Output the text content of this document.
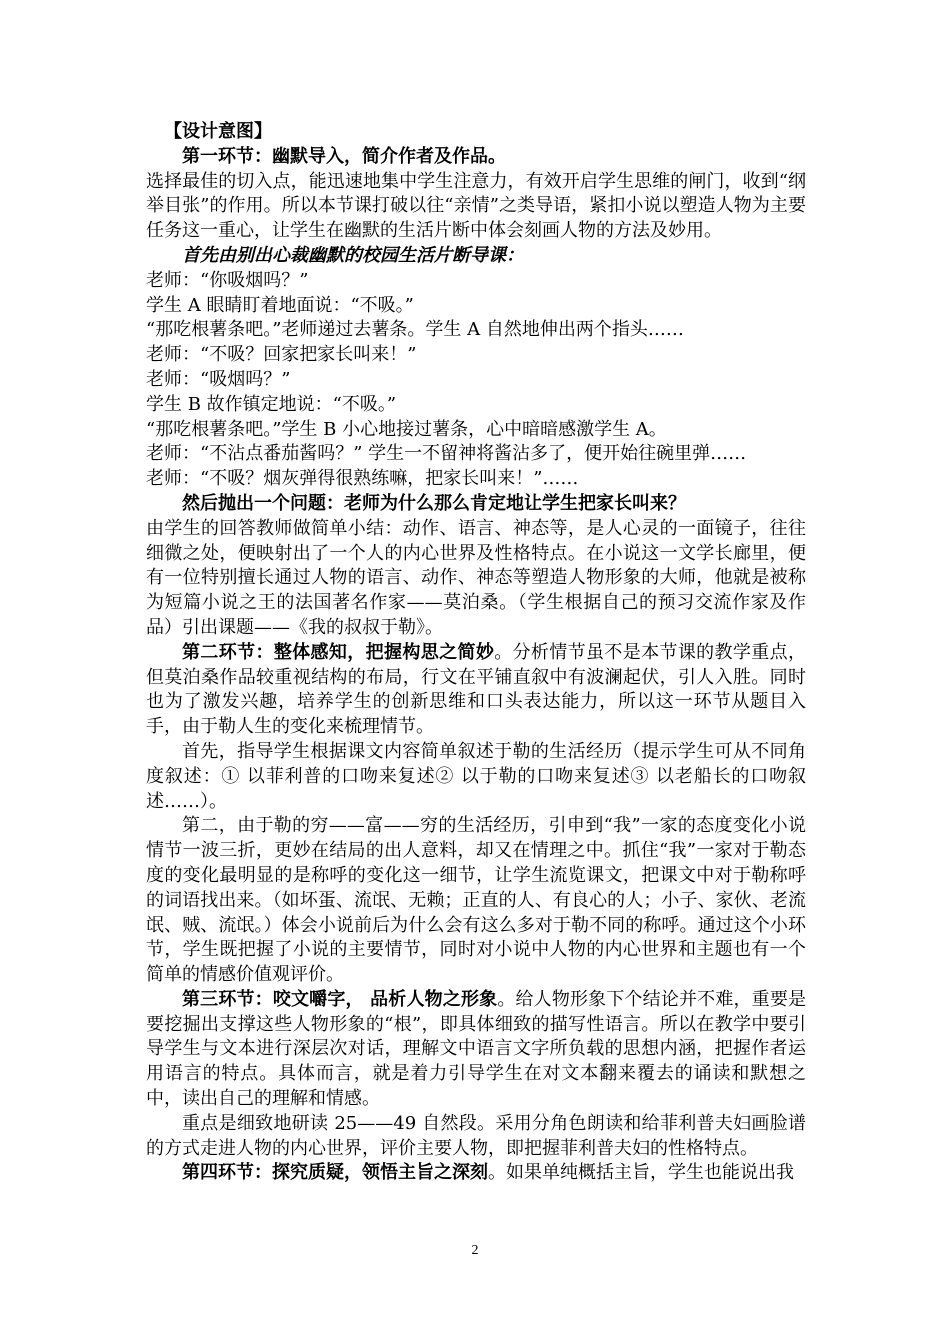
【设计意图】

第一环节：幽默导入，简介作者及作品。

选择最佳的切入点，能迅速地集中学生注意力，有效开启学生思维的闸门，收到“纲举目张”的作用。所以本节课打破以往“亲情”之类导语，紧扣小说以塑造人物为主要任务这一重心，让学生在幽默的生活片断中体会刻画人物的方法及妙用。

首先由别出心裁幽默的校园生活片断导课：

老师：“你吸烟吗？”

学生 A 眼睛盯着地面说：“不吸。”

“那吃根薯条吧。”老师递过去薯条。学生 A 自然地伸出两个指头……

老师：“不吸？回家把家长叫来！”

老师：“吸烟吗？”

学生 B 故作镇定地说：“不吸。”

“那吃根薯条吧。”学生 B 小心地接过薯条，心中暗暗感激学生 A。

老师：“不沾点番茄酱吗？” 学生一不留神将酱沾多了，便开始往碗里弹……

老师：“不吸？烟灰弹得很熟练嘛，把家长叫来！”……

然后抛出一个问题：老师为什么那么肯定地让学生把家长叫来？

由学生的回答教师做简单小结：动作、语言、神态等，是人心灵的一面镜子，往往细微之处，便映射出了一个人的内心世界及性格特点。在小说这一文学长廊里，便有一位特别擅长通过人物的语言、动作、神态等塑造人物形象的大师，他就是被称为短篇小说之王的法国著名作家——莫泊桑。（学生根据自己的预习交流作家及作品）引出课题——《我的叔叔于勒》。

第二环节：整体感知，把握构思之简妙。分析情节虽不是本节课的教学重点，但莫泊桑作品较重视结构的布局，行文在平铺直叙中有波澜起伏，引人入胜。同时也为了激发兴趣，培养学生的创新思维和口头表达能力，所以这一环节从题目入手，由于勒人生的变化来梳理情节。

首先，指导学生根据课文内容简单叙述于勒的生活经历（提示学生可从不同角度叙述：① 以菲利普的口吻来复述② 以于勒的口吻来复述③ 以老船长的口吻叙述……）。

第二，由于勒的穷——富——穷的生活经历，引申到“我”一家的态度变化小说情节一波三折，更妙在结局的出人意料，却又在情理之中。抓住“我”一家对于勒态度的变化最明显的是称呼的变化这一细节，让学生流览课文，把课文中对于勒称呼的词语找出来。（如坏蛋、流氓、无赖；正直的人、有良心的人；小子、家伙、老流氓、贼、流氓。）体会小说前后为什么会有这么多对于勒不同的称呼。通过这个小环节，学生既把握了小说的主要情节，同时对小说中人物的内心世界和主题也有一个简单的情感价值观评价。

第三环节：咬文嚼字， 品析人物之形象。给人物形象下个结论并不难，重要是要挖掘出支撑这些人物形象的“根”，即具体细致的描写性语言。所以在教学中要引导学生与文本进行深层次对话，理解文中语言文字所负载的思想内涵，把握作者运用语言的特点。具体而言，就是着力引导学生在对文本翻来覆去的诵读和默想之中，读出自己的理解和情感。

重点是细致地研读 25——49 自然段。采用分角色朗读和给菲利普夫妇画脸谱的方式走进人物的内心世界，评价主要人物，即把握菲利普夫妇的性格特点。

第四环节：探究质疑，领悟主旨之深刻。如果单纯概括主旨，学生也能说出我

2
